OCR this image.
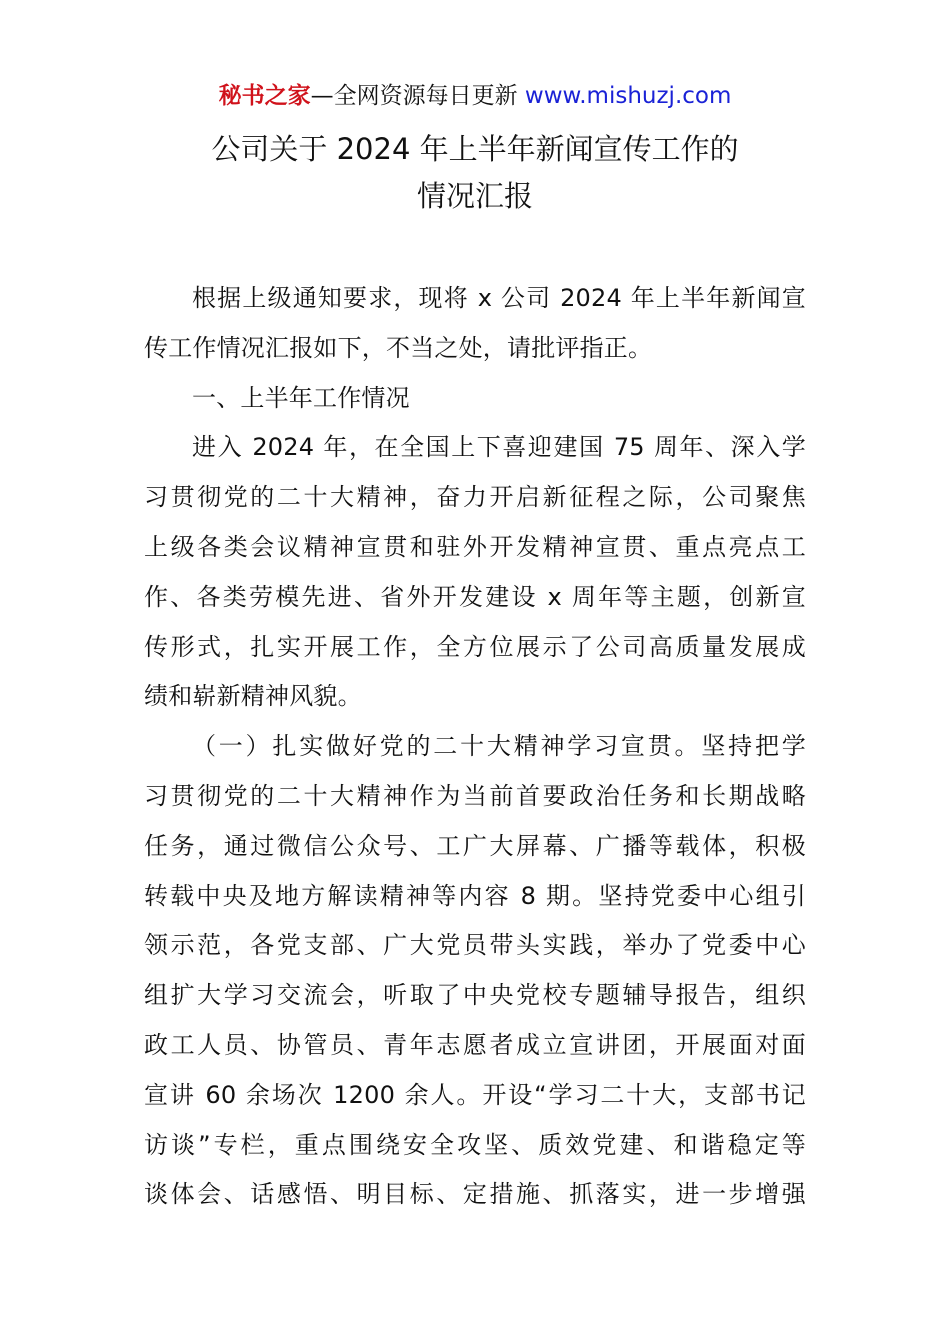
秘书之家—全网资源每日更新 www.mishuzj.com
公司关于 2024 年上半年新闻宣传工作的
情况汇报
根据上级通知要求，现将 x 公司 2024 年上半年新闻宣
传工作情况汇报如下，不当之处，请批评指正。
一、上半年工作情况
进入 2024 年，在全国上下喜迎建国 75 周年、深入学
习贯彻党的二十大精神，奋力开启新征程之际，公司聚焦
上级各类会议精神宣贯和驻外开发精神宣贯、重点亮点工
作、各类劳模先进、省外开发建设 x 周年等主题，创新宣
传形式，扎实开展工作，全方位展示了公司高质量发展成
绩和崭新精神风貌。
（一）扎实做好党的二十大精神学习宣贯。坚持把学
习贯彻党的二十大精神作为当前首要政治任务和长期战略
任务，通过微信公众号、工广大屏幕、广播等载体，积极
转载中央及地方解读精神等内容 8 期。坚持党委中心组引
领示范，各党支部、广大党员带头实践，举办了党委中心
组扩大学习交流会，听取了中央党校专题辅导报告，组织
政工人员、协管员、青年志愿者成立宣讲团，开展面对面
宣讲 60 余场次 1200 余人。开设“学习二十大，支部书记
访谈”专栏，重点围绕安全攻坚、质效党建、和谐稳定等
谈体会、话感悟、明目标、定措施、抓落实，进一步增强
